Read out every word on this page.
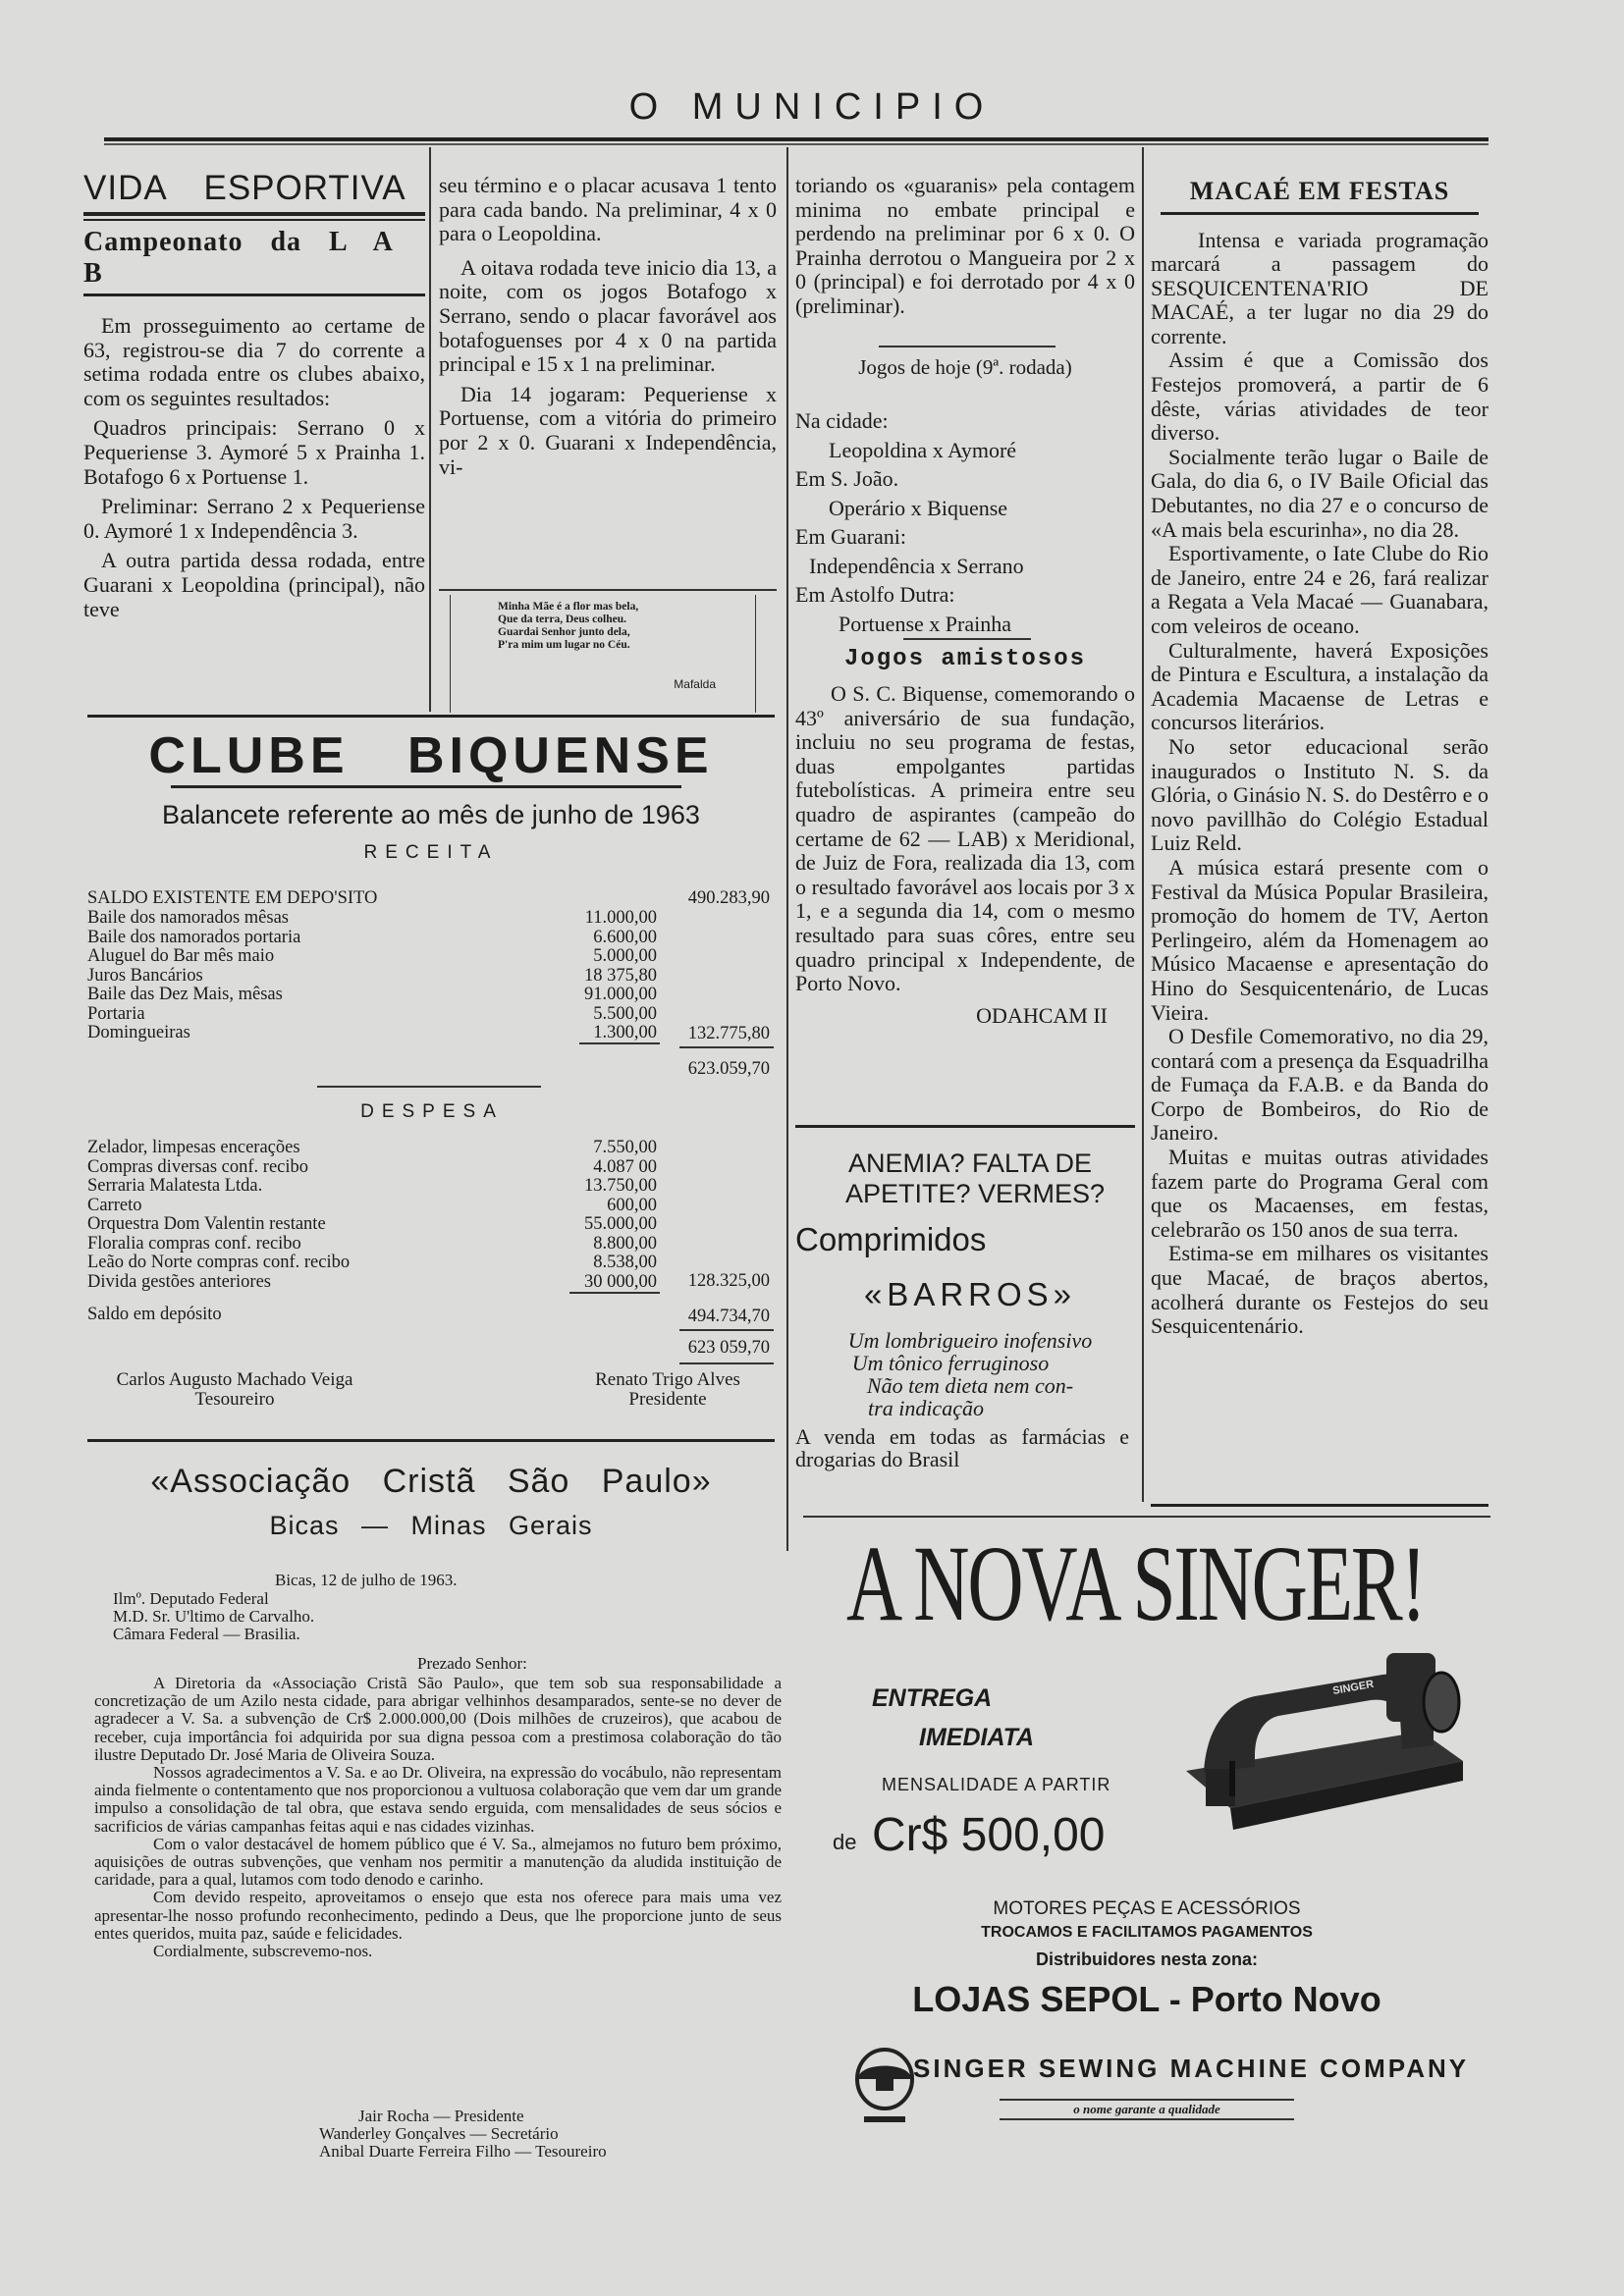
O MUNICIPIO
VIDA ESPORTIVA
Campeonato da L A B

Em prosseguimento ao certame de 63, registrou-se dia 7 do corrente a setima rodada entre os clubes abaixo, com os seguintes resultados:

Quadros principais: Serrano 0 x Pequeriense 3. Aymoré 5 x Prainha 1. Botafogo 6 x Portuense 1.

Preliminar: Serrano 2 x Pequeriense 0. Aymoré 1 x Independência 3.

A outra partida dessa rodada, entre Guarani x Leopoldina (principal), não teve

seu término e o placar acusava 1 tento para cada bando. Na preliminar, 4 x 0 para o Leopoldina.

A oitava rodada teve inicio dia 13, a noite, com os jogos Botafogo x Serrano, sendo o placar favorável aos botafoguenses por 4 x 0 na partida principal e 15 x 1 na preliminar.

Dia 14 jogaram: Pequeriense x Portuense, com a vitória do primeiro por 2 x 0. Guarani x Independência, vi-

Minha Mãe é a flor mas bela,
Que da terra, Deus colheu.
Guardai Senhor junto dela,
P'ra mim um lugar no Céu.
Mafalda
CLUBE BIQUENSE
Balancete referente ao mês de junho de 1963
RECEITA
SALDO EXISTENTE EM DEPO'SITO	490.283,90
Baile dos namorados mêsas	11.000,00
Baile dos namorados portaria	6.600,00
Aluguel do Bar mês maio	5.000,00
Juros Bancários	18 375,80
Baile das Dez Mais, mêsas	91.000,00
Portaria	5.500,00
Domingueiras	1.300,00	132.775,80
623.059,70
DESPESA
Zelador, limpesas encerações	7.550,00
Compras diversas conf. recibo	4.087 00
Serraria Malatesta Ltda.	13.750,00
Carreto	600,00
Orquestra Dom Valentin restante	55.000,00
Floralia compras conf. recibo	8.800,00
Leão do Norte compras conf. recibo	8.538,00
Divida gestões anteriores	30 000,00	128.325,00
Saldo em depósito	494.734,70
623 059,70
Carlos Augusto Machado Veiga
Tesoureiro
Renato Trigo Alves
Presidente
«Associação Cristã São Paulo»
Bicas — Minas Gerais
Bicas, 12 de julho de 1963.
Ilmº. Deputado Federal
M.D. Sr. U'ltimo de Carvalho.
Câmara Federal — Brasilia.
Prezado Senhor:

A Diretoria da «Associação Cristã São Paulo», que tem sob sua responsabilidade a concretização de um Azilo nesta cidade, para abrigar velhinhos desamparados, sente-se no dever de agradecer a V. Sa. a subvenção de Cr$ 2.000.000,00 (Dois milhões de cruzeiros), que acabou de receber, cuja importância foi adquirida por sua digna pessoa com a prestimosa colaboração do tão ilustre Deputado Dr. José Maria de Oliveira Souza.

Nossos agradecimentos a V. Sa. e ao Dr. Oliveira, na expressão do vocábulo, não representam ainda fielmente o contentamento que nos proporcionou a vultuosa colaboração que vem dar um grande impulso a consolidação de tal obra, que estava sendo erguida, com mensalidades de seus sócios e sacrificios de várias campanhas feitas aqui e nas cidades vizinhas.

Com o valor destacável de homem público que é V. Sa., almejamos no futuro bem próximo, aquisições de outras subvenções, que venham nos permitir a manutenção da aludida instituição de caridade, para a qual, lutamos com todo denodo e carinho.

Com devido respeito, aproveitamos o ensejo que esta nos oferece para mais uma vez apresentar-lhe nosso profundo reconhecimento, pedindo a Deus, que lhe proporcione junto de seus entes queridos, muita paz, saúde e felicidades.

Cordialmente, subscrevemo-nos.

Jair Rocha — Presidente
Wanderley Gonçalves — Secretário
Anibal Duarte Ferreira Filho — Tesoureiro

toriando os «guaranis» pela contagem minima no embate principal e perdendo na preliminar por 6 x 0. O Prainha derrotou o Mangueira por 2 x 0 (principal) e foi derrotado por 4 x 0 (preliminar).

Jogos de hoje (9ª. rodada)
Na cidade:
Leopoldina x Aymoré
Em S. João.
Operário x Biquense
Em Guarani:
Independência x Serrano
Em Astolfo Dutra:
Portuense x Prainha
Jogos amistosos

O S. C. Biquense, comemorando o 43º aniversário de sua fundação, incluiu no seu programa de festas, duas empolgantes partidas futebolísticas. A primeira entre seu quadro de aspirantes (campeão do certame de 62 — LAB) x Meridional, de Juiz de Fora, realizada dia 13, com o resultado favorável aos locais por 3 x 1, e a segunda dia 14, com o mesmo resultado para suas côres, entre seu quadro principal x Independente, de Porto Novo.

ODAHCAM II

ANEMIA? FALTA DE
APETITE? VERMES?
Comprimidos
«BARROS»
Um lombrigueiro inofensivo
Um tônico ferruginoso
Não tem dieta nem con-
tra indicação
A venda em todas as farmácias e drogarias do Brasil
MACAÉ EM FESTAS

Intensa e variada programação marcará a passagem do SESQUICENTENA'RIO DE MACAÉ, a ter lugar no dia 29 do corrente.

Assim é que a Comissão dos Festejos promoverá, a partir de 6 dêste, várias atividades de teor diverso.

Socialmente terão lugar o Baile de Gala, do dia 6, o IV Baile Oficial das Debutantes, no dia 27 e o concurso de «A mais bela escurinha», no dia 28.

Esportivamente, o Iate Clube do Rio de Janeiro, entre 24 e 26, fará realizar a Regata a Vela Macaé — Guanabara, com veleiros de oceano.

Culturalmente, haverá Exposições de Pintura e Escultura, a instalação da Academia Macaense de Letras e concursos literários.

No setor educacional serão inaugurados o Instituto N. S. da Glória, o Ginásio N. S. do Destêrro e o novo pavillhão do Colégio Estadual Luiz Reld.

A música estará presente com o Festival da Música Popular Brasileira, promoção do homem de TV, Aerton Perlingeiro, além da Homenagem ao Músico Macaense e apresentação do Hino do Sesquicentenário, de Lucas Vieira.

O Desfile Comemorativo, no dia 29, contará com a presença da Esquadrilha de Fumaça da F.A.B. e da Banda do Corpo de Bombeiros, do Rio de Janeiro.

Muitas e muitas outras atividades fazem parte do Programa Geral com que os Macaenses, em festas, celebrarão os 150 anos de sua terra.

Estima-se em milhares os visitantes que Macaé, de braços abertos, acolherá durante os Festejos do seu Sesquicentenário.

A NOVA SINGER!
ENTREGA
IMEDIATA
MENSALIDADE A PARTIR
de Cr$ 500,00
SINGER
MOTORES PEÇAS E ACESSÓRIOS
TROCAMOS E FACILITAMOS PAGAMENTOS
Distribuidores nesta zona:
LOJAS SEPOL - Porto Novo
SINGER SEWING MACHINE COMPANY
o nome garante a qualidade
